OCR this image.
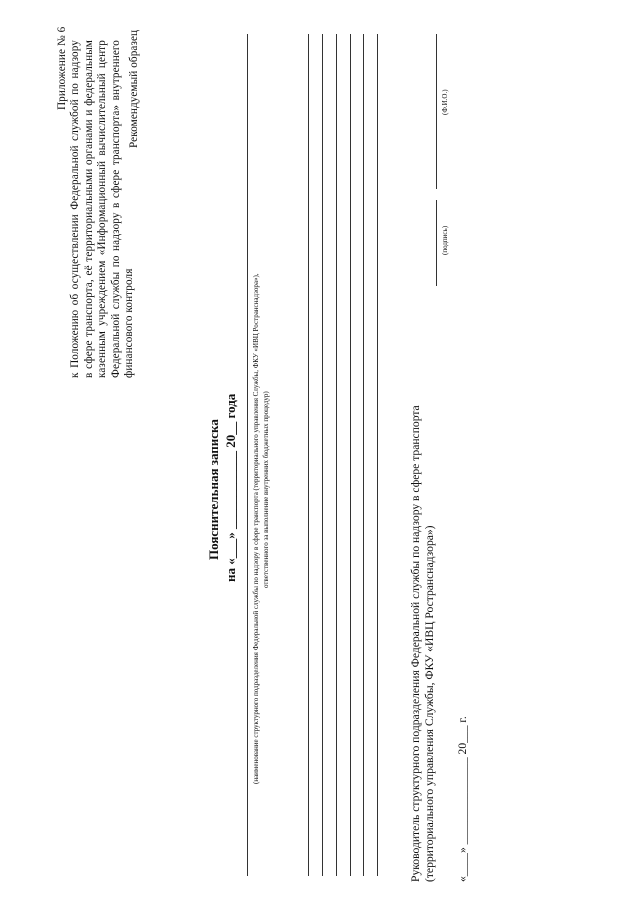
Приложение № 6 к Положению об осуществлении Федеральной службой по надзору в сфере транспорта, её территориальными органами и федеральным казенным учреждением «Информационный вычислительный центр Федеральной службы по надзору в сфере транспорта» внутреннего финансового контроля
Рекомендуемый образец
Пояснительная записка на «___» ____________ 20__ года (наименование структурного подразделения Федеральной службы по надзору в сфере транспорта (территориального управления Службы, ФКУ «ИВЦ Ространснадзора»), ответственного за выполнение внутренних бюджетных процедур)	Руководитель структурного подразделения Федеральной службы по надзору в сфере транспорта (территориального управления Службы, ФКУ «ИВЦ Ространснадзора»)
(подпись)
(Ф.И.О.)
«____» _______________ 20___ г.
